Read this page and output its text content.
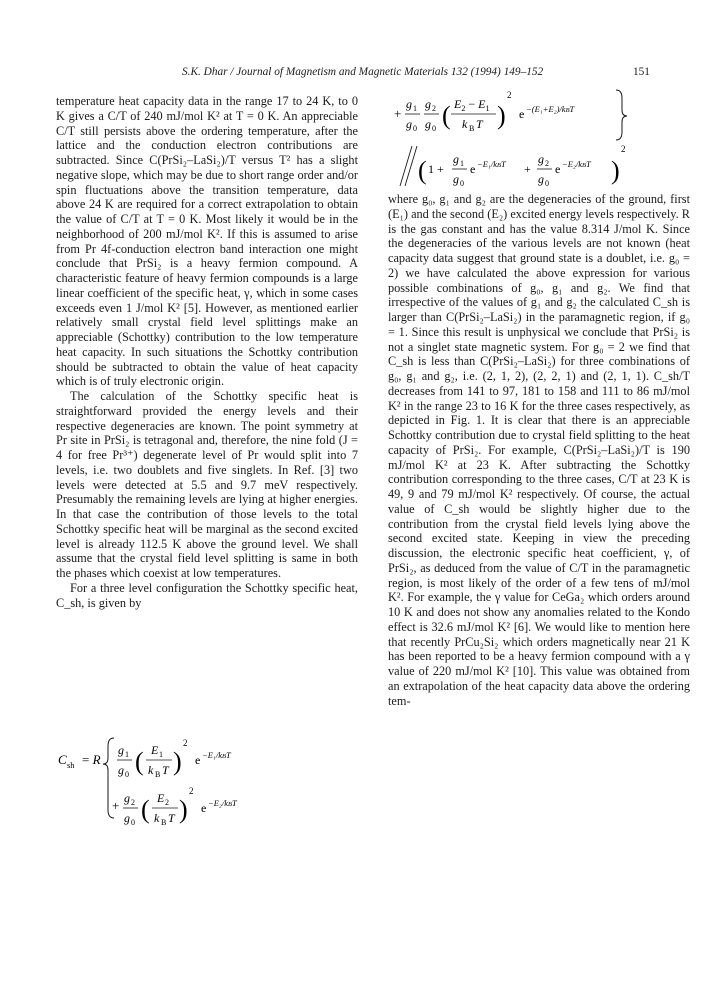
S.K. Dhar / Journal of Magnetism and Magnetic Materials 132 (1994) 149–152	151

temperature heat capacity data in the range 17 to 24 K, to 0 K gives a C/T of 240 mJ/mol K² at T = 0 K. An appreciable C/T still persists above the ordering temperature, after the lattice and the conduction electron contributions are subtracted. Since C(PrSi₂–LaSi₂)/T versus T² has a slight negative slope, which may be due to short range order and/or spin fluctuations above the transition temperature, data above 24 K are required for a correct extrapolation to obtain the value of C/T at T = 0 K. Most likely it would be in the neighborhood of 200 mJ/mol K². If this is assumed to arise from Pr 4f-conduction electron band interaction one might conclude that PrSi₂ is a heavy fermion compound. A characteristic feature of heavy fermion compounds is a large linear coefficient of the specific heat, γ, which in some cases exceeds even 1 J/mol K² [5]. However, as mentioned earlier relatively small crystal field level splittings make an appreciable (Schottky) contribution to the low temperature heat capacity. In such situations the Schottky contribution should be subtracted to obtain the value of heat capacity which is of truly electronic origin.

The calculation of the Schottky specific heat is straightforward provided the energy levels and their respective degeneracies are known. The point symmetry at Pr site in PrSi₂ is tetragonal and, therefore, the nine fold (J = 4 for free Pr³⁺) degenerate level of Pr would split into 7 levels, i.e. two doublets and five singlets. In Ref. [3] two levels were detected at 5.5 and 9.7 meV respectively. Presumably the remaining levels are lying at higher energies. In that case the contribution of those levels to the total Schottky specific heat will be marginal as the second excited level is already 112.5 K above the ground level. We shall assume that the crystal field level splitting is same in both the phases which coexist at low temperatures.

For a three level configuration the Schottky specific heat, C_sh, is given by

C sh = R
g 1
g 0 ( E 1
k B T )
2
e −E₁/kBT
+ g 2
g 0 ( E 2
k B T )
2
e −E₂/kBT
+
g 1
g 0
g 2
g 0 ( $E_2 - E_1$
k B T )
2
e −(E₁+E₂)/kBT
( 1 +
g 1
g 0
e −E₁/kBT +
g 2
g 0
e −E₂/kBT )
2

where g₀, g₁ and g₂ are the degeneracies of the ground, first (E₁) and the second (E₂) excited energy levels respectively. R is the gas constant and has the value 8.314 J/mol K. Since the degeneracies of the various levels are not known (heat capacity data suggest that ground state is a doublet, i.e. g₀ = 2) we have calculated the above expression for various possible combinations of g₀, g₁ and g₂. We find that irrespective of the values of g₁ and g₂ the calculated C_sh is larger than C(PrSi₂–LaSi₂) in the paramagnetic region, if g₀ = 1. Since this result is unphysical we conclude that PrSi₂ is not a singlet state magnetic system. For g₀ = 2 we find that C_sh is less than C(PrSi₂–LaSi₂) for three combinations of g₀, g₁ and g₂, i.e. (2, 1, 2), (2, 2, 1) and (2, 1, 1). C_sh/T decreases from 141 to 97, 181 to 158 and 111 to 86 mJ/mol K² in the range 23 to 16 K for the three cases respectively, as depicted in Fig. 1. It is clear that there is an appreciable Schottky contribution due to crystal field splitting to the heat capacity of PrSi₂. For example, C(PrSi₂–LaSi₂)/T is 190 mJ/mol K² at 23 K. After subtracting the Schottky contribution corresponding to the three cases, C/T at 23 K is 49, 9 and 79 mJ/mol K² respectively. Of course, the actual value of C_sh would be slightly higher due to the contribution from the crystal field levels lying above the second excited state. Keeping in view the preceding discussion, the electronic specific heat coefficient, γ, of PrSi₂, as deduced from the value of C/T in the paramagnetic region, is most likely of the order of a few tens of mJ/mol K². For example, the γ value for CeGa₂ which orders around 10 K and does not show any anomalies related to the Kondo effect is 32.6 mJ/mol K² [6]. We would like to mention here that recently PrCu₂Si₂ which orders magnetically near 21 K has been reported to be a heavy fermion compound with a γ value of 220 mJ/mol K² [10]. This value was obtained from an extrapolation of the heat capacity data above the ordering tem-
